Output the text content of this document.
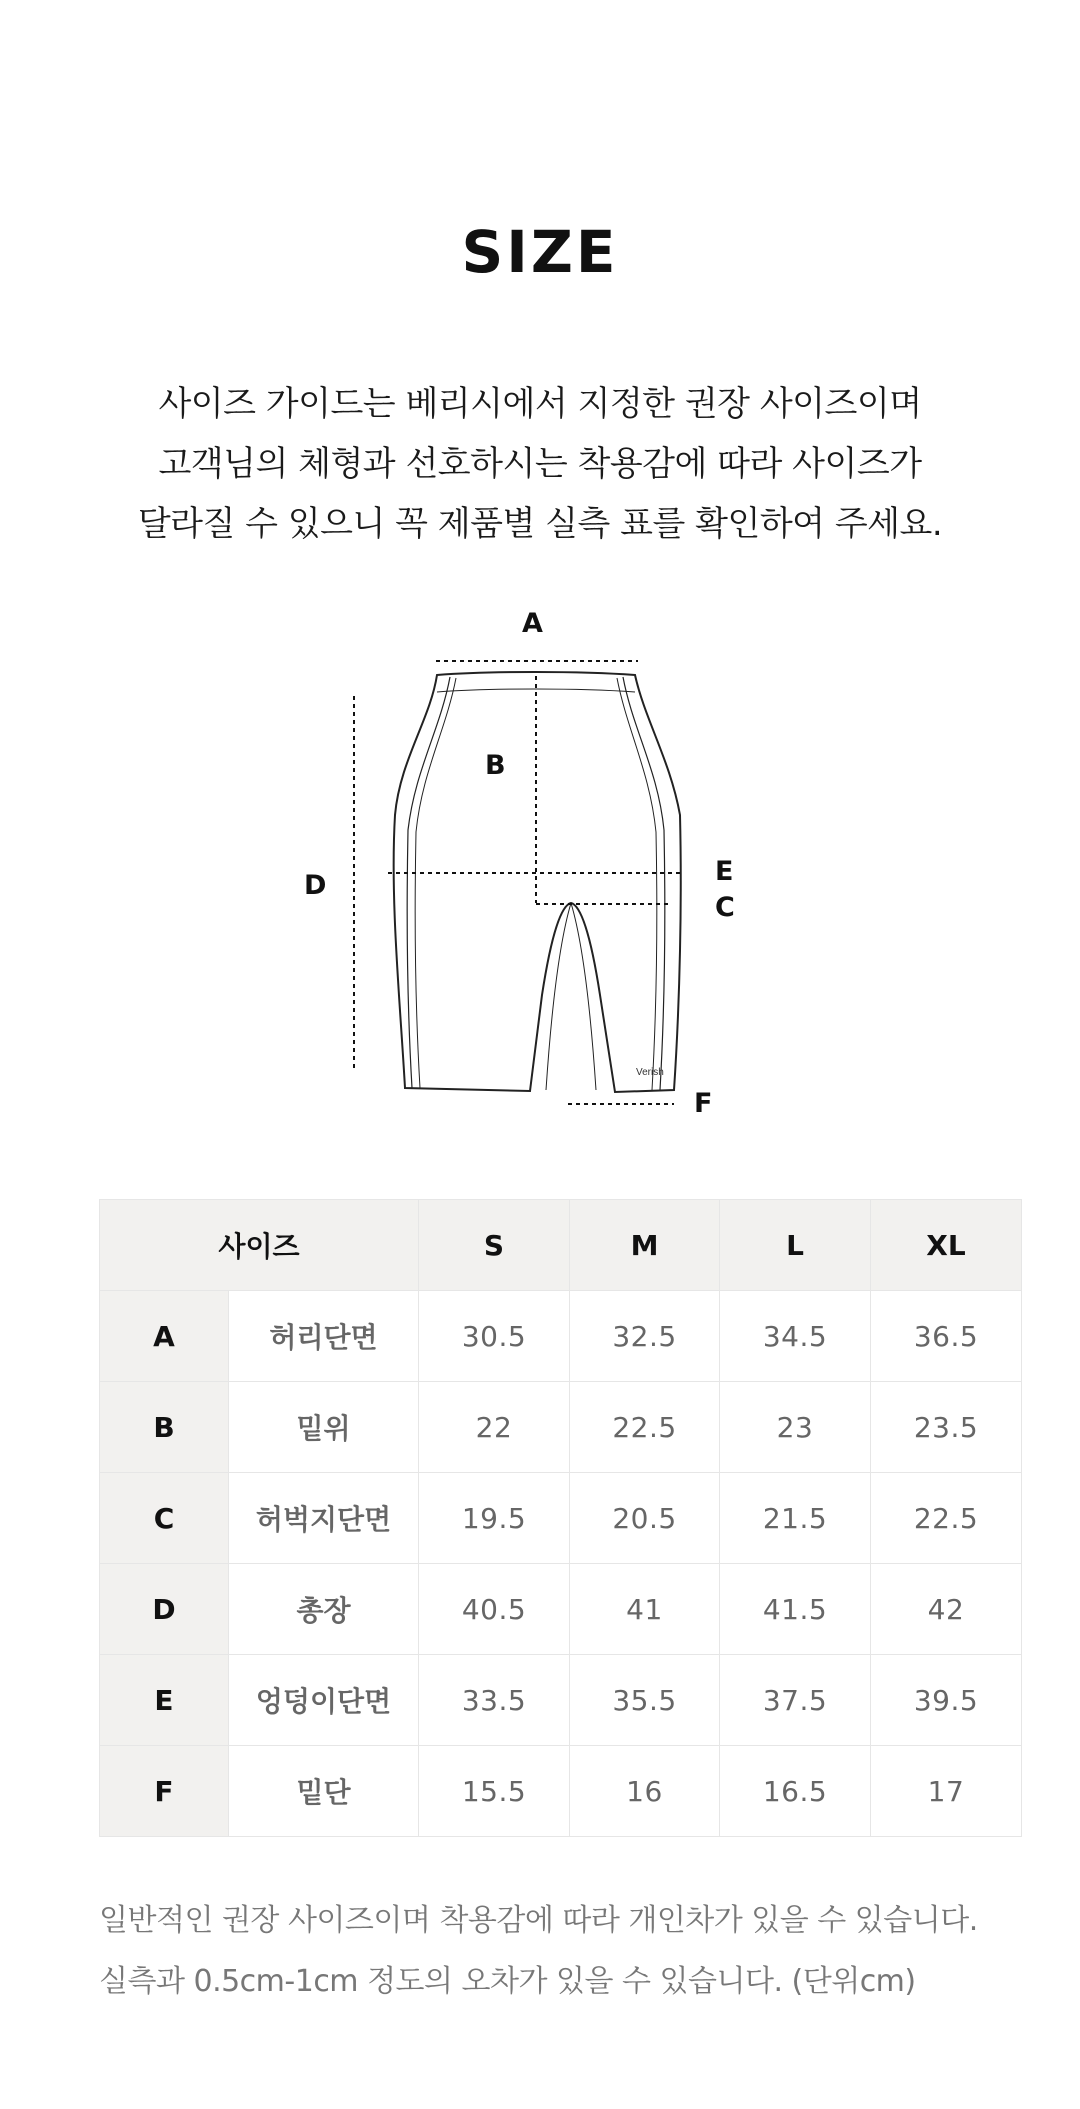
SIZE
사이즈 가이드는 베리시에서 지정한 권장 사이즈이며
고객님의 체형과 선호하시는 착용감에 따라 사이즈가
달라질 수 있으니 꼭 제품별 실측 표를 확인하여 주세요.
Verish
A
B
D	E
C
F
사이즈		S	M	L	XL
A	허리단면	30.5	32.5	34.5	36.5
B	밑위	22	22.5	23	23.5
C	허벅지단면	19.5	20.5	21.5	22.5
D	총장	40.5	41	41.5	42
E	엉덩이단면	33.5	35.5	37.5	39.5
F	밑단	15.5	16	16.5	17
일반적인 권장 사이즈이며 착용감에 따라 개인차가 있을 수 있습니다.
실측과 0.5cm-1cm 정도의 오차가 있을 수 있습니다. (단위cm)
